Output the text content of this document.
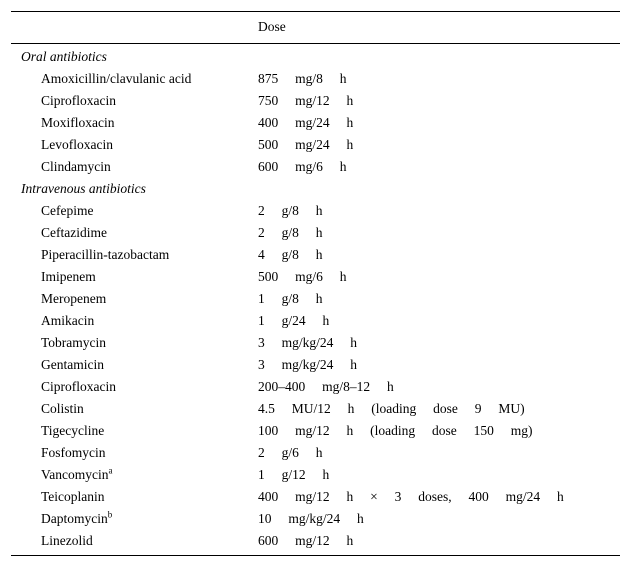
Dose
Oral antibiotics
Amoxicillin/clavulanic acid	875     mg/8     h
Ciprofloxacin	750     mg/12     h
Moxifloxacin	400     mg/24     h
Levofloxacin	500     mg/24     h
Clindamycin	600     mg/6     h
Intravenous antibiotics
Cefepime	2     g/8     h
Ceftazidime	2     g/8     h
Piperacillin-tazobactam	4     g/8     h
Imipenem	500     mg/6     h
Meropenem	1     g/8     h
Amikacin	1     g/24     h
Tobramycin	3     mg/kg/24     h
Gentamicin	3     mg/kg/24     h
Ciprofloxacin	200–400     mg/8–12     h
Colistin	4.5     MU/12     h     (loading     dose     9     MU)
Tigecycline	100     mg/12     h     (loading     dose     150     mg)
Fosfomycin	2     g/6     h
Vancomycin$^a$	1     g/12     h
Teicoplanin	400     mg/12     h     ×     3     doses,     400     mg/24     h
Daptomycin$^b$	10     mg/kg/24     h
Linezolid	600     mg/12     h
